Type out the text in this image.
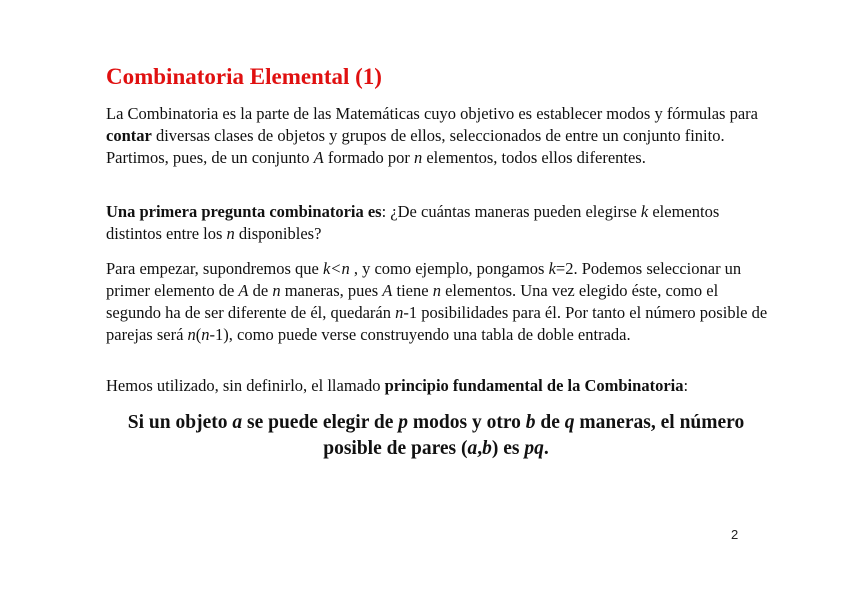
Combinatoria Elemental (1)

La Combinatoria es la parte de las Matemáticas cuyo objetivo es establecer modos y fórmulas para contar diversas clases de objetos y grupos de ellos, seleccionados de entre un conjunto finito. Partimos, pues, de un conjunto A formado por n elementos, todos ellos diferentes.

Una primera pregunta combinatoria es: ¿De cuántas maneras pueden elegirse k elementos distintos entre los n disponibles?

Para empezar, supondremos que k<n , y como ejemplo, pongamos k=2. Podemos seleccionar un primer elemento de A de n maneras, pues A tiene n elementos. Una vez elegido éste, como el segundo ha de ser diferente de él, quedarán n-1 posibilidades para él. Por tanto el número posible de parejas será n(n-1), como puede verse construyendo una tabla de doble entrada.

Hemos utilizado, sin definirlo, el llamado principio fundamental de la Combinatoria:

Si un objeto a se puede elegir de p modos y otro b de q maneras, el número posible de pares (a,b) es pq.

2
